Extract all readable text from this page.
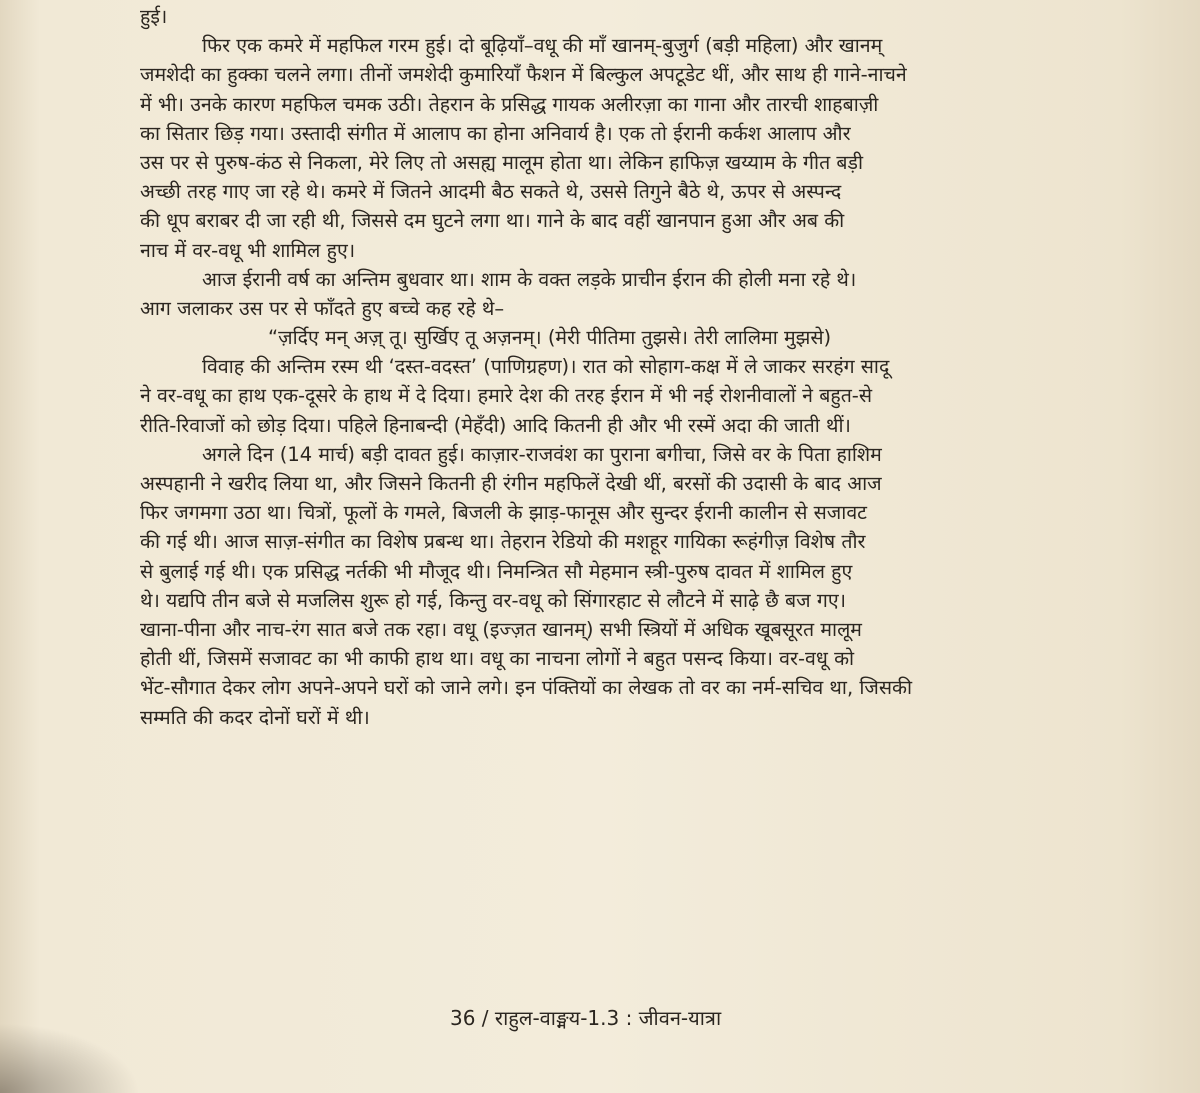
हुई।
फिर एक कमरे में महफिल गरम हुई। दो बूढ़ियाँ–वधू की माँ खानम्-बुजुर्ग (बड़ी महिला) और खानम्
जमशेदी का हुक्का चलने लगा। तीनों जमशेदी कुमारियाँ फैशन में बिल्कुल अपटूडेट थीं, और साथ ही गाने-नाचने
में भी। उनके कारण महफिल चमक उठी। तेहरान के प्रसिद्ध गायक अलीरज़ा का गाना और तारची शाहबाज़ी
का सितार छिड़ गया। उस्तादी संगीत में आलाप का होना अनिवार्य है। एक तो ईरानी कर्कश आलाप और
उस पर से पुरुष-कंठ से निकला, मेरे लिए तो असह्य मालूम होता था। लेकिन हाफिज़ खय्याम के गीत बड़ी
अच्छी तरह गाए जा रहे थे। कमरे में जितने आदमी बैठ सकते थे, उससे तिगुने बैठे थे, ऊपर से अस्पन्द
की धूप बराबर दी जा रही थी, जिससे दम घुटने लगा था। गाने के बाद वहीं खानपान हुआ और अब की
नाच में वर-वधू भी शामिल हुए।
आज ईरानी वर्ष का अन्तिम बुधवार था। शाम के वक्त लड़के प्राचीन ईरान की होली मना रहे थे।
आग जलाकर उस पर से फाँदते हुए बच्चे कह रहे थे–
“ज़र्दिए मन् अज़् तू। सुर्खिए तू अज़नम्। (मेरी पीतिमा तुझसे। तेरी लालिमा मुझसे)
विवाह की अन्तिम रस्म थी ‘दस्त-वदस्त’ (पाणिग्रहण)। रात को सोहाग-कक्ष में ले जाकर सरहंग सादू
ने वर-वधू का हाथ एक-दूसरे के हाथ में दे दिया। हमारे देश की तरह ईरान में भी नई रोशनीवालों ने बहुत-से
रीति-रिवाजों को छोड़ दिया। पहिले हिनाबन्दी (मेहँदी) आदि कितनी ही और भी रस्में अदा की जाती थीं।
अगले दिन (14 मार्च) बड़ी दावत हुई। काज़ार-राजवंश का पुराना बगीचा, जिसे वर के पिता हाशिम
अस्पहानी ने खरीद लिया था, और जिसने कितनी ही रंगीन महफिलें देखी थीं, बरसों की उदासी के बाद आज
फिर जगमगा उठा था। चित्रों, फूलों के गमले, बिजली के झाड़-फानूस और सुन्दर ईरानी कालीन से सजावट
की गई थी। आज साज़-संगीत का विशेष प्रबन्ध था। तेहरान रेडियो की मशहूर गायिका रूहंगीज़ विशेष तौर
से बुलाई गई थी। एक प्रसिद्ध नर्तकी भी मौजूद थी। निमन्त्रित सौ मेहमान स्त्री-पुरुष दावत में शामिल हुए
थे। यद्यपि तीन बजे से मजलिस शुरू हो गई, किन्तु वर-वधू को सिंगारहाट से लौटने में साढ़े छै बज गए।
खाना-पीना और नाच-रंग सात बजे तक रहा। वधू (इज्ज़त खानम्) सभी स्त्रियों में अधिक खूबसूरत मालूम
होती थीं, जिसमें सजावट का भी काफी हाथ था। वधू का नाचना लोगों ने बहुत पसन्द किया। वर-वधू को
भेंट-सौगात देकर लोग अपने-अपने घरों को जाने लगे। इन पंक्तियों का लेखक तो वर का नर्म-सचिव था, जिसकी
सम्मति की कदर दोनों घरों में थी।
36 / राहुल-वाङ्मय-1.3 : जीवन-यात्रा
